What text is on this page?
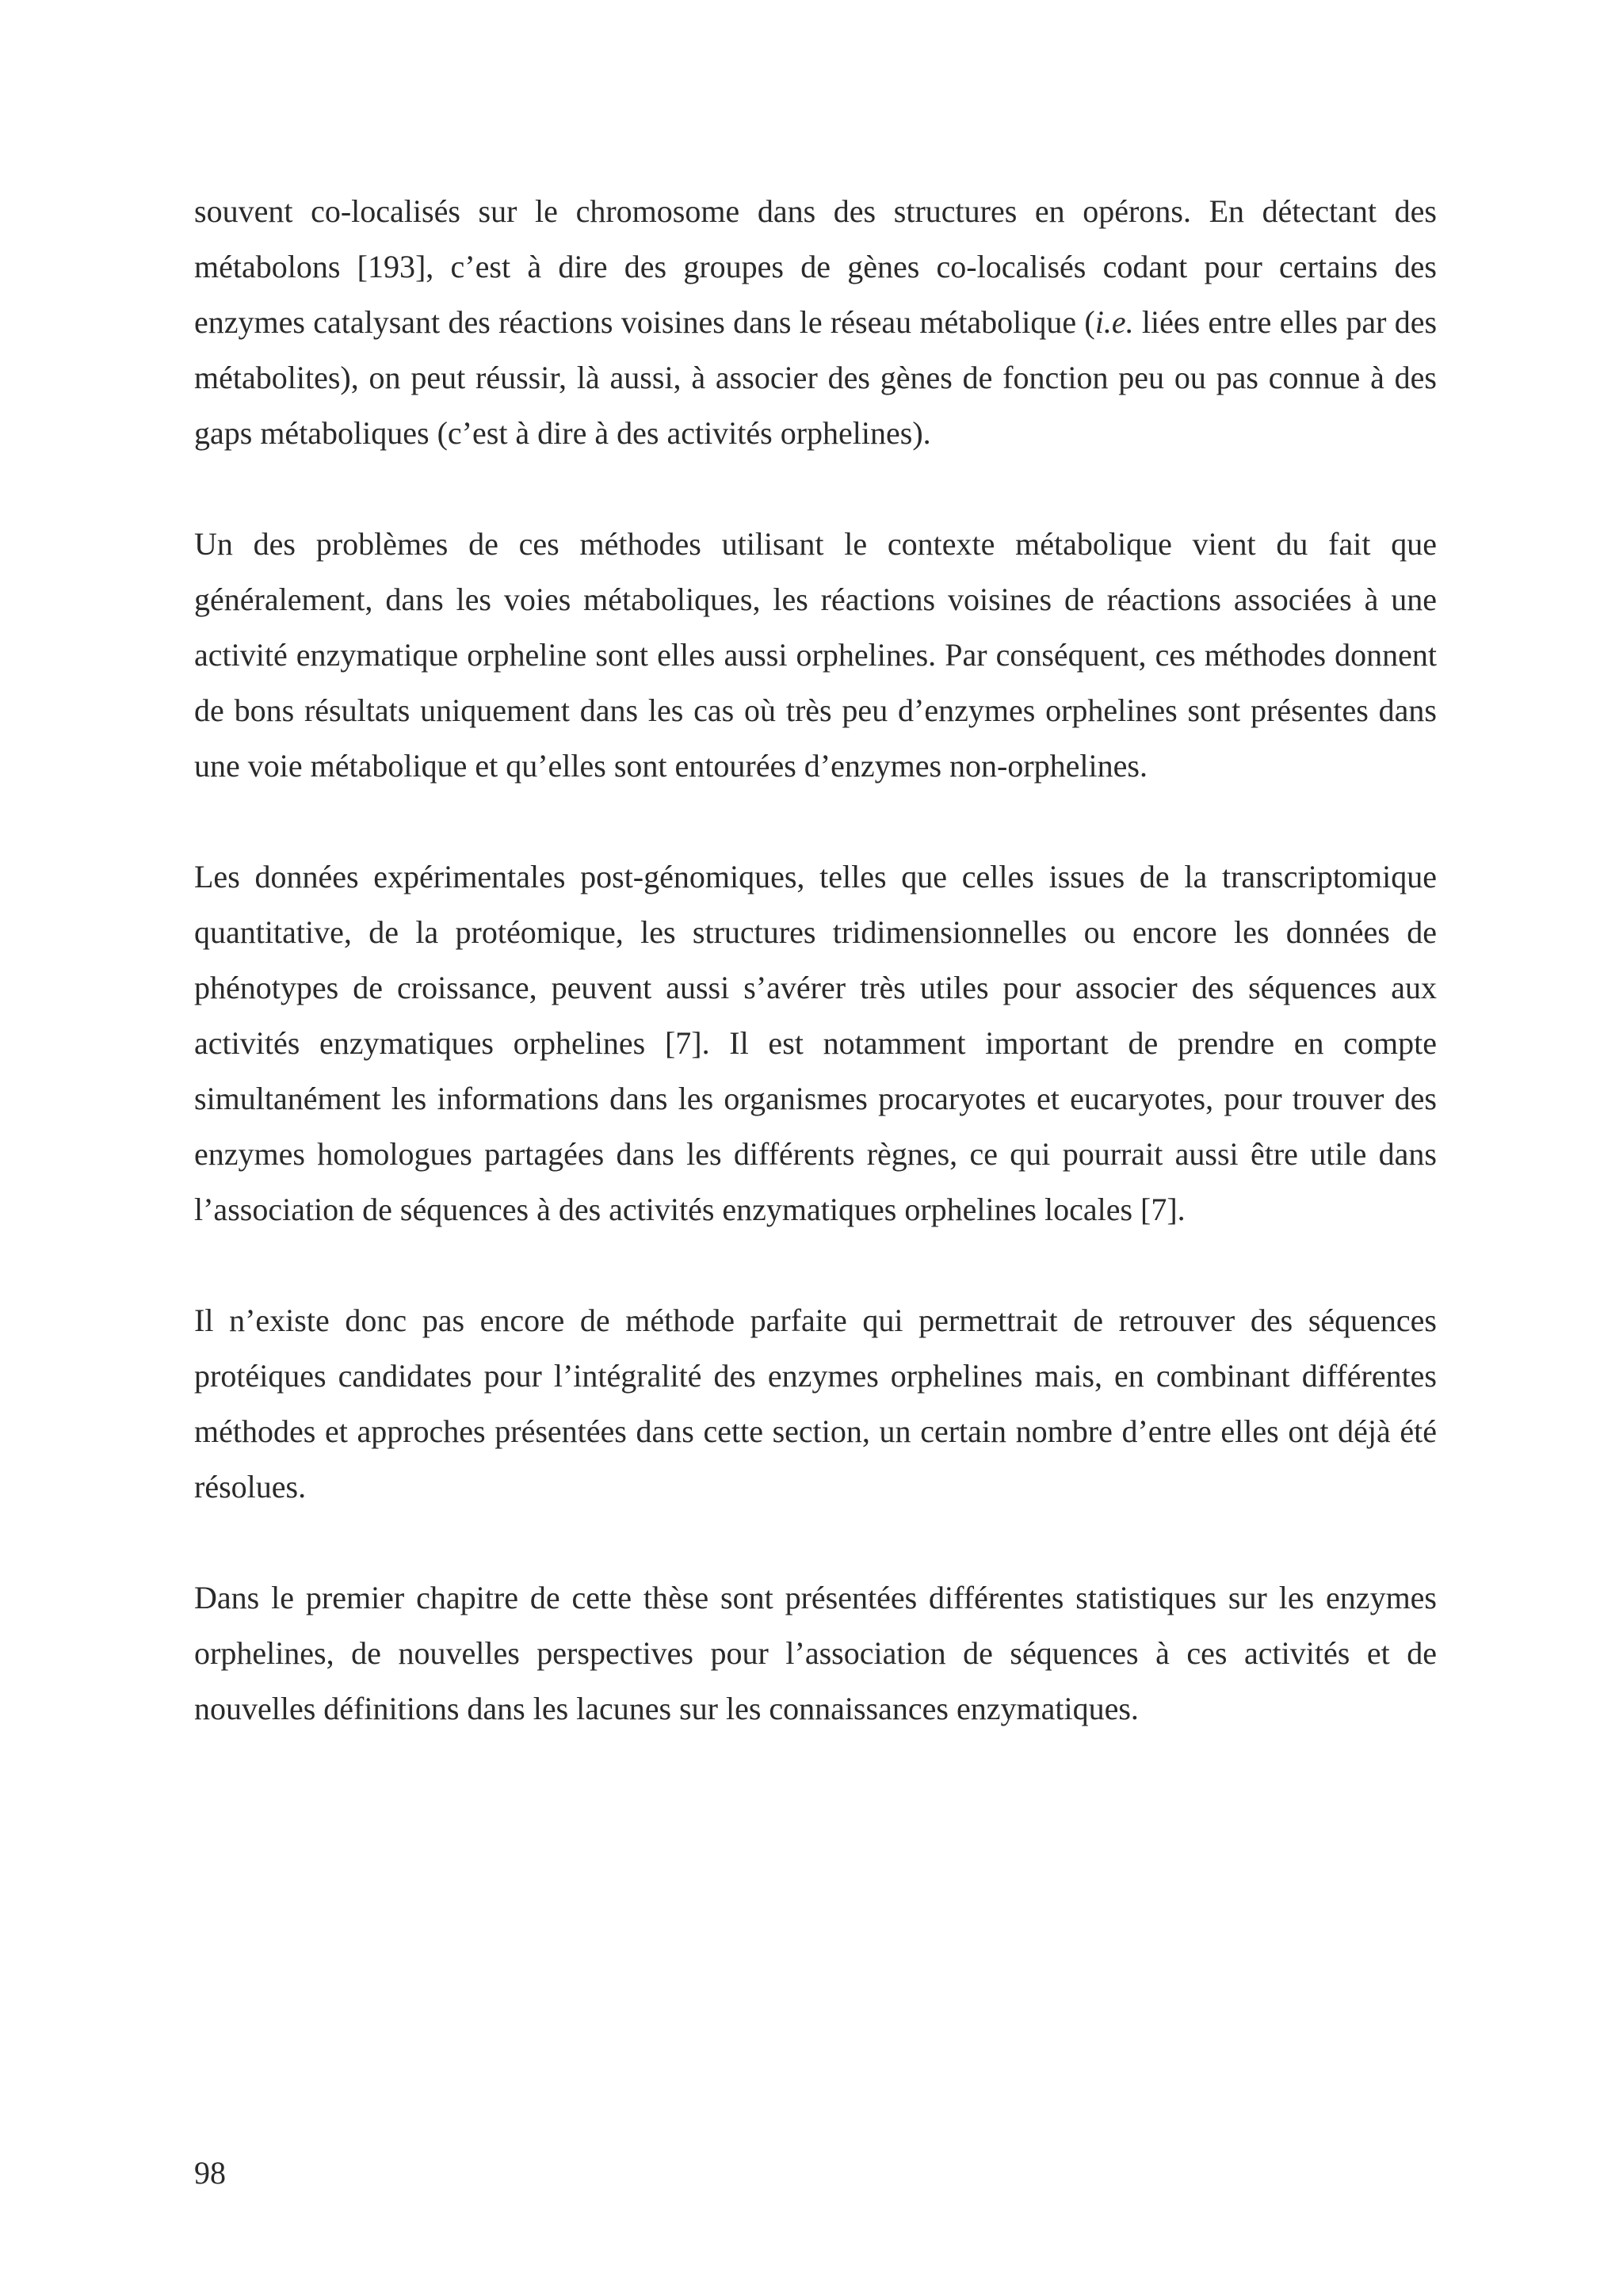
souvent co-localisés sur le chromosome dans des structures en opérons. En détectant des métabolons [193], c’est à dire des groupes de gènes co-localisés codant pour certains des enzymes catalysant des réactions voisines dans le réseau métabolique (i.e. liées entre elles par des métabolites), on peut réussir, là aussi, à associer des gènes de fonction peu ou pas connue à des gaps métaboliques (c’est à dire à des activités orphelines).

Un des problèmes de ces méthodes utilisant le contexte métabolique vient du fait que généralement, dans les voies métaboliques, les réactions voisines de réactions associées à une activité enzymatique orpheline sont elles aussi orphelines. Par conséquent, ces méthodes donnent de bons résultats uniquement dans les cas où très peu d’enzymes orphelines sont présentes dans une voie métabolique et qu’elles sont entourées d’enzymes non-orphelines.

Les données expérimentales post-génomiques, telles que celles issues de la transcriptomique quantitative, de la protéomique, les structures tridimensionnelles ou encore les données de phénotypes de croissance, peuvent aussi s’avérer très utiles pour associer des séquences aux activités enzymatiques orphelines [7]. Il est notamment important de prendre en compte simultanément les informations dans les organismes procaryotes et eucaryotes, pour trouver des enzymes homologues partagées dans les différents règnes, ce qui pourrait aussi être utile dans l’association de séquences à des activités enzymatiques orphelines locales [7].

Il n’existe donc pas encore de méthode parfaite qui permettrait de retrouver des séquences protéiques candidates pour l’intégralité des enzymes orphelines mais, en combinant différentes méthodes et approches présentées dans cette section, un certain nombre d’entre elles ont déjà été résolues.

Dans le premier chapitre de cette thèse sont présentées différentes statistiques sur les enzymes orphelines, de nouvelles perspectives pour l’association de séquences à ces activités et de nouvelles définitions dans les lacunes sur les connaissances enzymatiques.

98
